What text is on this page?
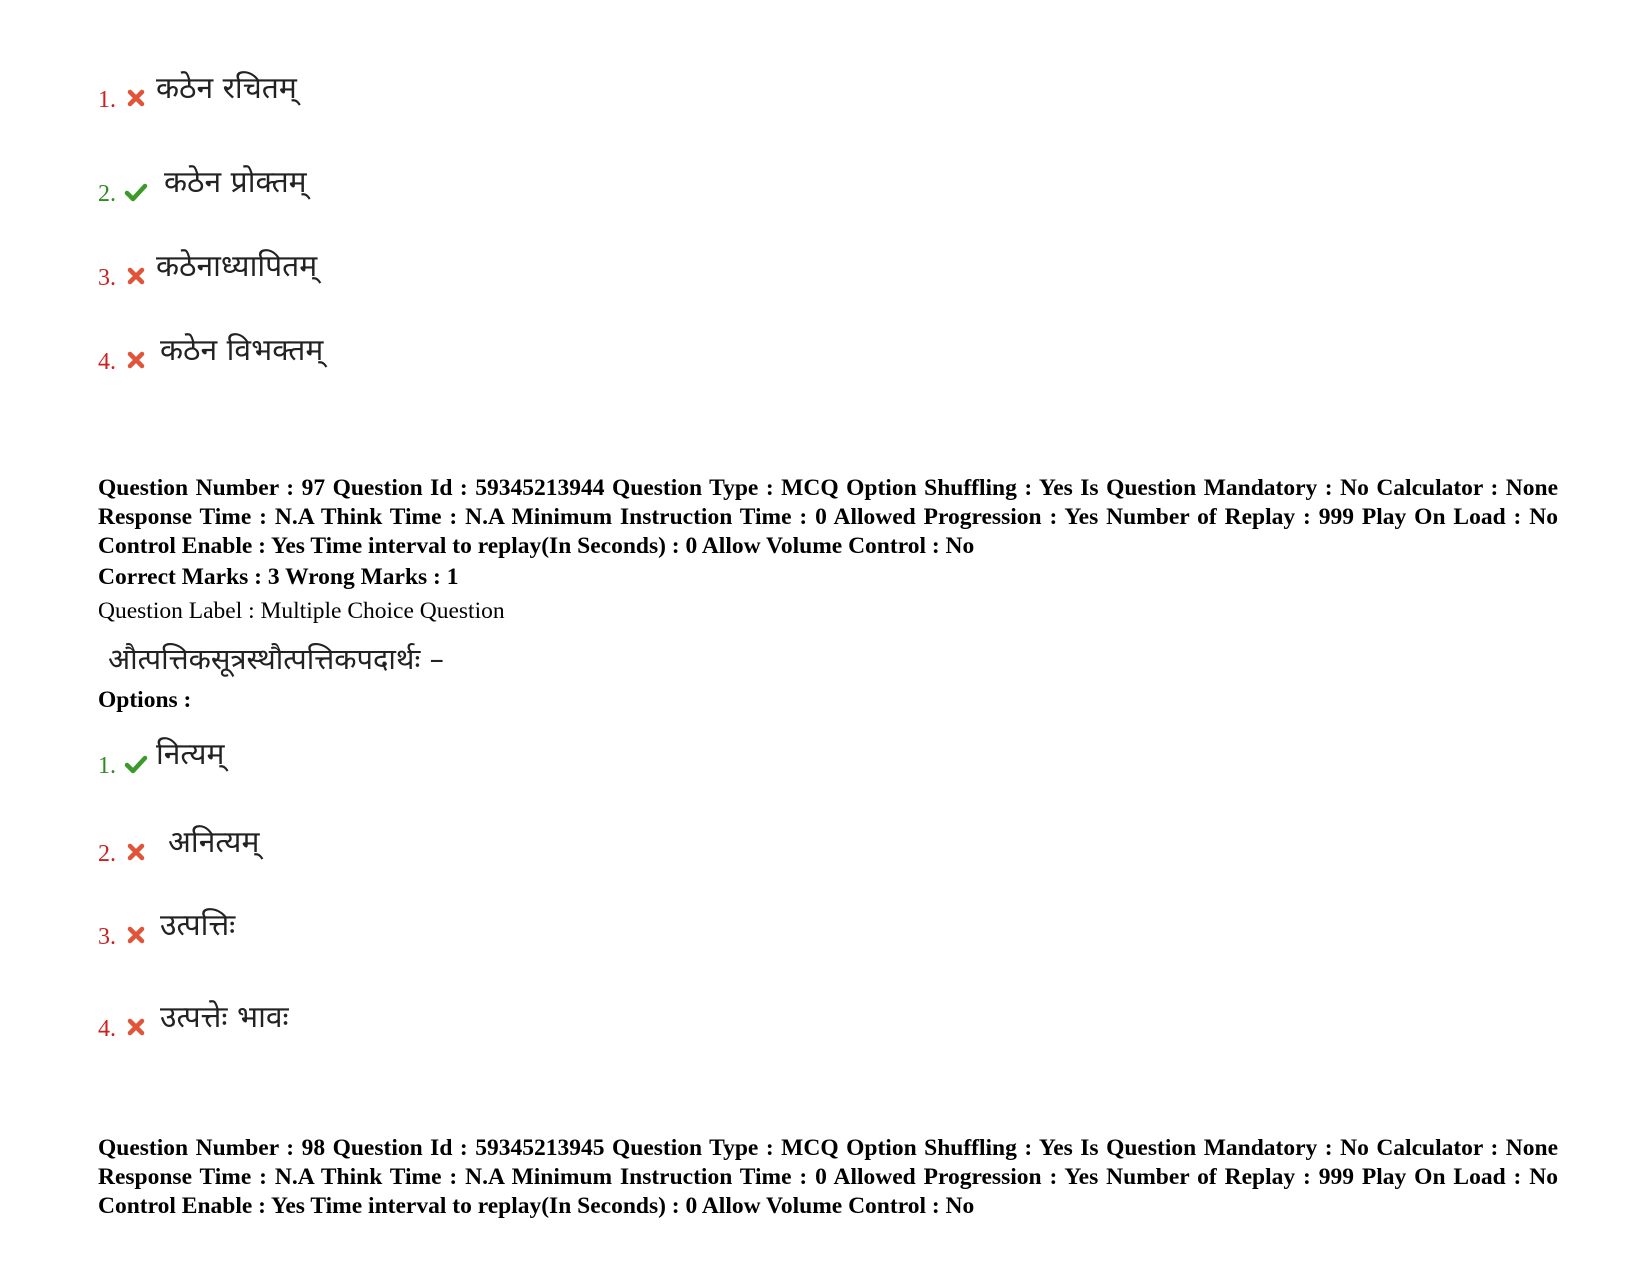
1. कठेन रचितम्
2. कठेन प्रोक्तम्
3. कठेनाध्यापितम्
4. कठेन विभक्तम्
Question Number : 97 Question Id : 59345213944 Question Type : MCQ Option Shuffling : Yes Is Question Mandatory : No Calculator : None Response Time : N.A Think Time : N.A Minimum Instruction Time : 0 Allowed Progression : Yes Number of Replay : 999 Play On Load : No Control Enable : Yes Time interval to replay(In Seconds) : 0 Allow Volume Control : No
Correct Marks : 3 Wrong Marks : 1
Question Label : Multiple Choice Question
औत्पत्तिकसूत्रस्थौत्पत्तिकपदार्थः –
Options :
1. नित्यम्
2. अनित्यम्
3. उत्पत्तिः
4. उत्पत्तेः भावः
Question Number : 98 Question Id : 59345213945 Question Type : MCQ Option Shuffling : Yes Is Question Mandatory : No Calculator : None Response Time : N.A Think Time : N.A Minimum Instruction Time : 0 Allowed Progression : Yes Number of Replay : 999 Play On Load : No Control Enable : Yes Time interval to replay(In Seconds) : 0 Allow Volume Control : No
